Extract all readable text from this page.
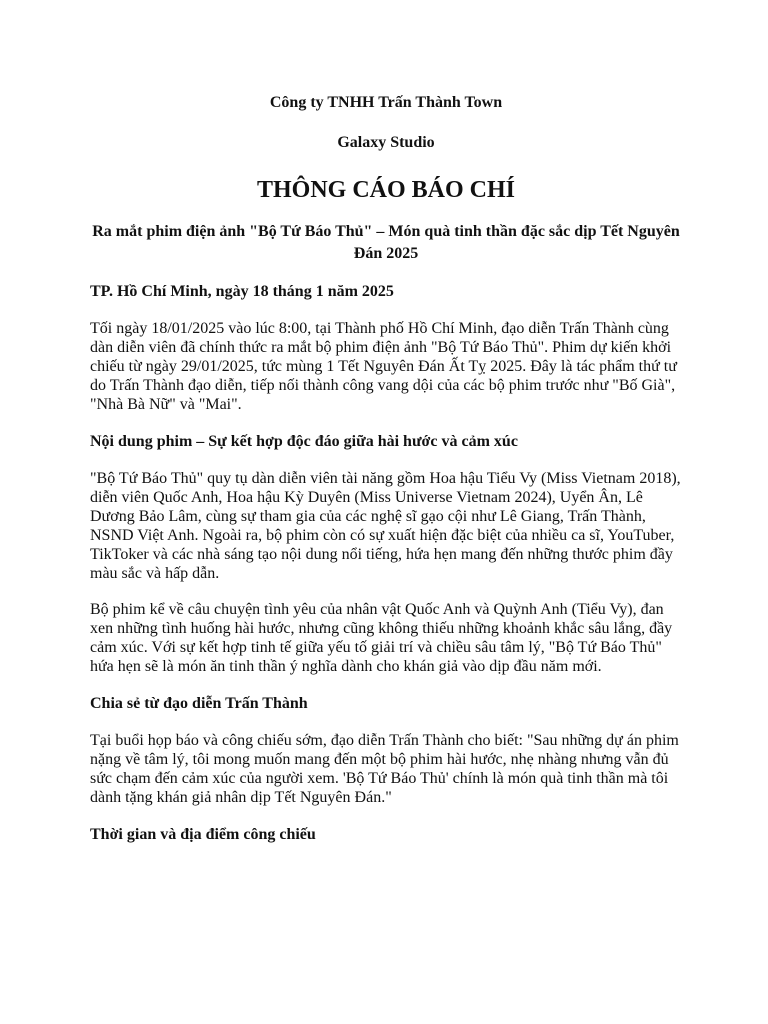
Công ty TNHH Trấn Thành Town
Galaxy Studio
THÔNG CÁO BÁO CHÍ
Ra mắt phim điện ảnh "Bộ Tứ Báo Thủ" – Món quà tinh thần đặc sắc dịp Tết Nguyên Đán 2025
TP. Hồ Chí Minh, ngày 18 tháng 1 năm 2025

Tối ngày 18/01/2025 vào lúc 8:00, tại Thành phố Hồ Chí Minh, đạo diễn Trấn Thành cùng dàn diễn viên đã chính thức ra mắt bộ phim điện ảnh "Bộ Tứ Báo Thủ". Phim dự kiến khởi chiếu từ ngày 29/01/2025, tức mùng 1 Tết Nguyên Đán Ất Tỵ 2025. Đây là tác phẩm thứ tư do Trấn Thành đạo diễn, tiếp nối thành công vang dội của các bộ phim trước như "Bố Già", "Nhà Bà Nữ" và "Mai".

Nội dung phim – Sự kết hợp độc đáo giữa hài hước và cảm xúc

"Bộ Tứ Báo Thủ" quy tụ dàn diễn viên tài năng gồm Hoa hậu Tiểu Vy (Miss Vietnam 2018), diễn viên Quốc Anh, Hoa hậu Kỳ Duyên (Miss Universe Vietnam 2024), Uyển Ân, Lê Dương Bảo Lâm, cùng sự tham gia của các nghệ sĩ gạo cội như Lê Giang, Trấn Thành, NSND Việt Anh. Ngoài ra, bộ phim còn có sự xuất hiện đặc biệt của nhiều ca sĩ, YouTuber, TikToker và các nhà sáng tạo nội dung nổi tiếng, hứa hẹn mang đến những thước phim đầy màu sắc và hấp dẫn.

Bộ phim kể về câu chuyện tình yêu của nhân vật Quốc Anh và Quỳnh Anh (Tiểu Vy), đan xen những tình huống hài hước, nhưng cũng không thiếu những khoảnh khắc sâu lắng, đầy cảm xúc. Với sự kết hợp tinh tế giữa yếu tố giải trí và chiều sâu tâm lý, "Bộ Tứ Báo Thủ" hứa hẹn sẽ là món ăn tinh thần ý nghĩa dành cho khán giả vào dịp đầu năm mới.

Chia sẻ từ đạo diễn Trấn Thành

Tại buổi họp báo và công chiếu sớm, đạo diễn Trấn Thành cho biết: "Sau những dự án phim nặng về tâm lý, tôi mong muốn mang đến một bộ phim hài hước, nhẹ nhàng nhưng vẫn đủ sức chạm đến cảm xúc của người xem. 'Bộ Tứ Báo Thủ' chính là món quà tinh thần mà tôi dành tặng khán giả nhân dịp Tết Nguyên Đán."

Thời gian và địa điểm công chiếu
